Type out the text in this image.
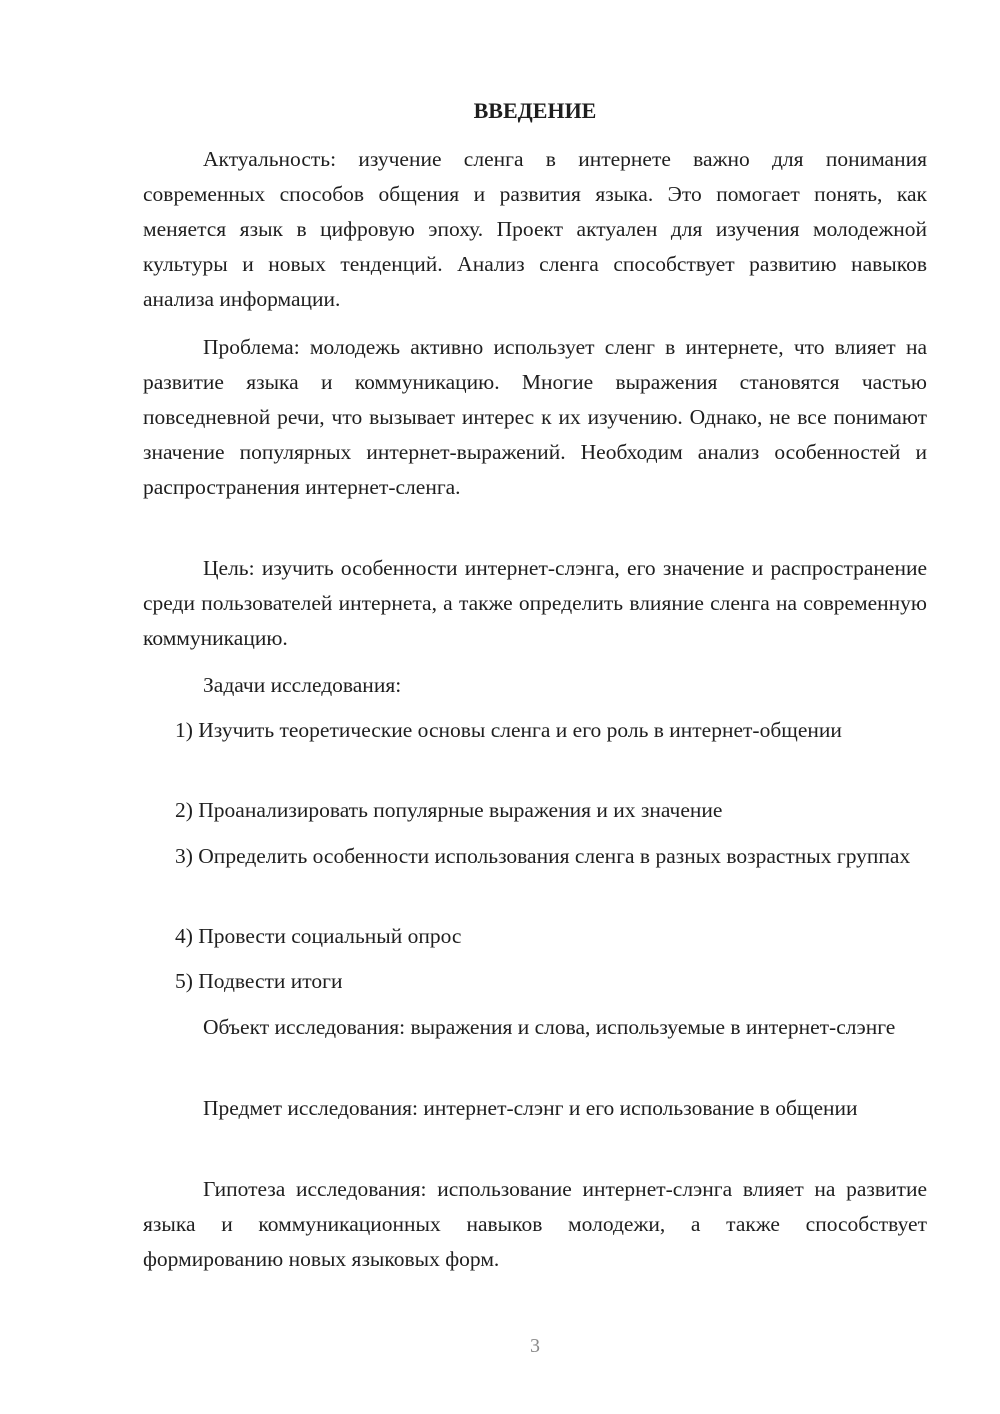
ВВЕДЕНИЕ

Актуальность: изучение сленга в интернете важно для понимания современных способов общения и развития языка. Это помогает понять, как меняется язык в цифровую эпоху. Проект актуален для изучения молодежной культуры и новых тенденций. Анализ сленга способствует развитию навыков анализа информации.

Проблема: молодежь активно использует сленг в интернете, что влияет на развитие языка и коммуникацию. Многие выражения становятся частью повседневной речи, что вызывает интерес к их изучению. Однако, не все понимают значение популярных интернет-выражений. Необходим анализ особенностей и распространения интернет-сленга.

Цель: изучить особенности интернет-слэнга, его значение и распространение среди пользователей интернета, а также определить влияние сленга на современную коммуникацию.

Задачи исследования:

1) Изучить теоретические основы сленга и его роль в интернет-общении

2) Проанализировать популярные выражения и их значение

3) Определить особенности использования сленга в разных возрастных группах

4) Провести социальный опрос

5) Подвести итоги

Объект исследования: выражения и слова, используемые в интернет-слэнге

Предмет исследования: интернет-слэнг и его использование в общении

Гипотеза исследования: использование интернет-слэнга влияет на развитие языка и коммуникационных навыков молодежи, а также способствует формированию новых языковых форм.

3
